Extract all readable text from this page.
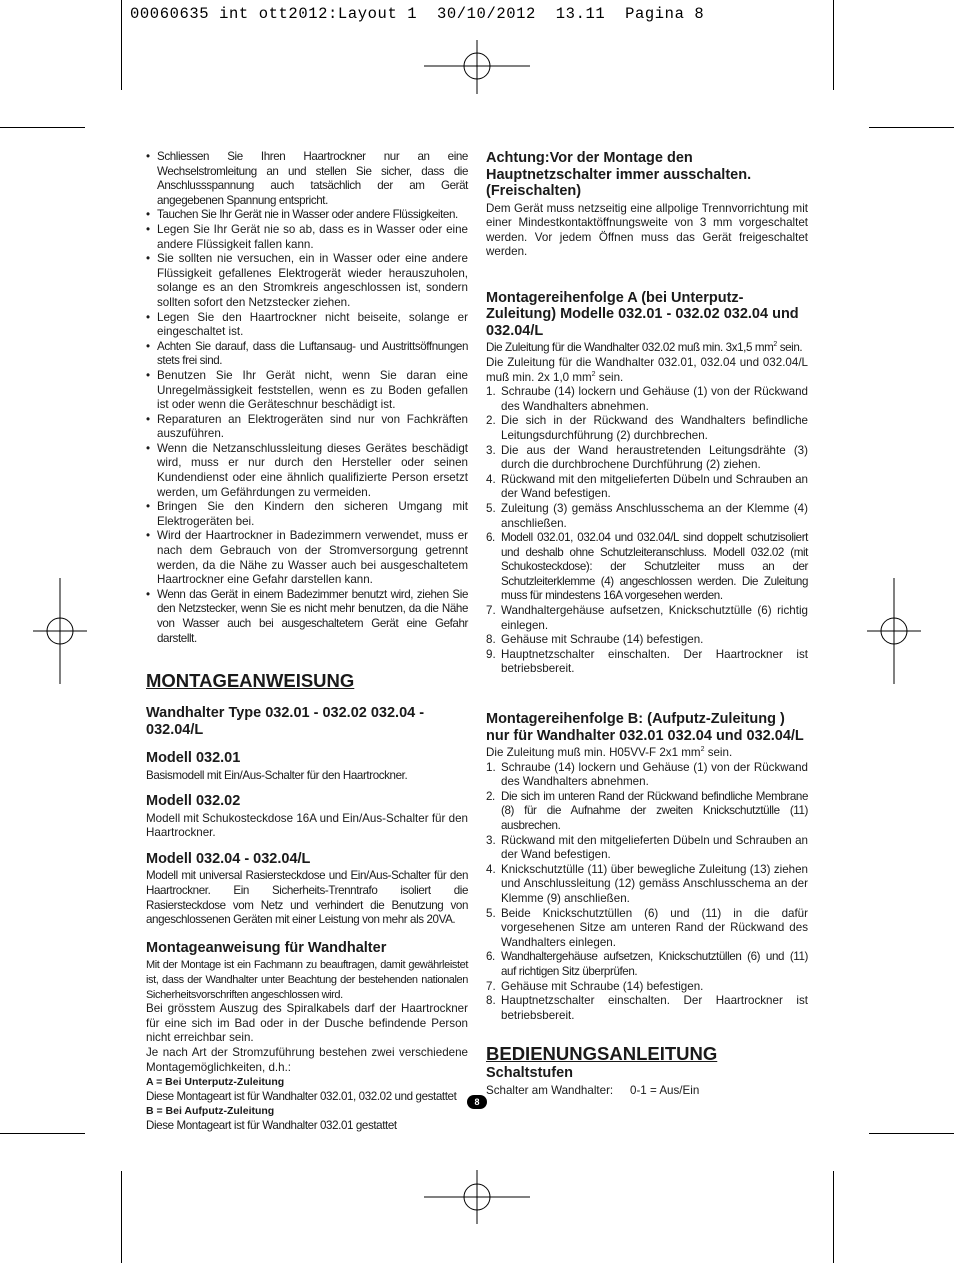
00060635 int ott2012:Layout 1  30/10/2012  13.11  Pagina 8
• Schliessen Sie Ihren Haartrockner nur an eine Wechselstromleitung an und stellen Sie sicher, dass die Anschlussspannung auch tatsächlich der am Gerät angegebenen Spannung entspricht.
• Tauchen Sie Ihr Gerät nie in Wasser oder andere Flüssigkeiten.
• Legen Sie Ihr Gerät nie so ab, dass es in Wasser oder eine andere Flüssigkeit fallen kann.
• Sie sollten nie versuchen, ein in Wasser oder eine andere Flüssigkeit gefallenes Elektrogerät wieder herauszuholen, solange es an den Stromkreis angeschlossen ist, sondern sollten sofort den Netzstecker ziehen.
• Legen Sie den Haartrockner nicht beiseite, solange er eingeschaltet ist.
• Achten Sie darauf, dass die Luftansaug- und Austrittsöffnungen stets frei sind.
• Benutzen Sie Ihr Gerät nicht, wenn Sie daran eine Unregelmässigkeit feststellen, wenn es zu Boden gefallen ist oder wenn die Geräteschnur beschädigt ist.
• Reparaturen an Elektrogeräten sind nur von Fachkräften auszuführen.
• Wenn die Netzanschlussleitung dieses Gerätes beschädigt wird, muss er nur durch den Hersteller oder seinen Kundendienst oder eine ähnlich qualifizierte Person ersetzt werden, um Gefährdungen zu vermeiden.
• Bringen Sie den Kindern den sicheren Umgang mit Elektrogeräten bei.
• Wird der Haartrockner in Badezimmern verwendet, muss er nach dem Gebrauch von der Stromversorgung getrennt werden, da die Nähe zu Wasser auch bei ausgeschaltetem Haartrockner eine Gefahr darstellen kann.
• Wenn das Gerät in einem Badezimmer benutzt wird, ziehen Sie den Netzstecker, wenn Sie es nicht mehr benutzen, da die Nähe von Wasser auch bei ausgeschaltetem Gerät eine Gefahr darstellt.
MONTAGEANWEISUNG
Wandhalter Type 032.01 - 032.02 032.04 - 032.04/L
Modell 032.01

Basismodell mit Ein/Aus-Schalter für den Haartrockner.

Modell 032.02

Modell mit Schukosteckdose 16A und Ein/Aus-Schalter für den Haartrockner.

Modell 032.04 - 032.04/L

Modell mit universal Rasiersteckdose und Ein/Aus-Schalter für den Haartrockner. Ein Sicherheits-Trenntrafo isoliert die Rasiersteckdose vom Netz und verhindert die Benutzung von angeschlossenen Geräten mit einer Leistung von mehr als 20VA.

Montageanweisung für Wandhalter

Mit der Montage ist ein Fachmann zu beauftragen, damit gewährleistet ist, dass der Wandhalter unter Beachtung der bestehenden nationalen Sicherheitsvorschriften angeschlossen wird.

Bei grösstem Auszug des Spiralkabels darf der Haartrockner für eine sich im Bad oder in der Dusche befindende Person nicht erreichbar sein.

Je nach Art der Stromzuführung bestehen zwei verschiedene Montagemöglichkeiten, d.h.:

A = Bei Unterputz-Zuleitung

Diese Montageart ist für Wandhalter 032.01, 032.02 und gestattet

B = Bei Aufputz-Zuleitung

Diese Montageart ist für Wandhalter 032.01 gestattet

Achtung:Vor der Montage den Hauptnetzschalter immer ausschalten. (Freischalten)

Dem Gerät muss netzseitig eine allpolige Trennvorrichtung mit einer Mindestkontaktöffnungsweite von 3 mm vorgeschaltet werden. Vor jedem Öffnen muss das Gerät freigeschaltet werden.

Montagereihenfolge A (bei Unterputz-Zuleitung) Modelle 032.01 - 032.02 032.04 und 032.04/L

Die Zuleitung für die Wandhalter 032.02 muß min. 3x1,5 $mm^2$ sein.

Die Zuleitung für die Wandhalter 032.01, 032.04 und 032.04/L muß min. 2x 1,0 $mm^2$ sein.

1. Schraube (14) lockern und Gehäuse (1) von der Rückwand des Wandhalters abnehmen.
2. Die sich in der Rückwand des Wandhalters befindliche Leitungsdurchführung (2) durchbrechen.
3. Die aus der Wand heraustretenden Leitungsdrähte (3) durch die durchbrochene Durchführung (2) ziehen.
4. Rückwand mit den mitgelieferten Dübeln und Schrauben an der Wand befestigen.
5. Zuleitung (3) gemäss Anschlusschema an der Klemme (4) anschließen.
6. Modell 032.01, 032.04 und 032.04/L sind doppelt schutzisoliert und deshalb ohne Schutzleiteranschluss. Modell 032.02 (mit Schukosteckdose): der Schutzleiter muss an der Schutzleiterklemme (4) angeschlossen werden. Die Zuleitung muss für mindestens 16A vorgesehen werden.
7. Wandhaltergehäuse aufsetzen, Knickschutztülle (6) richtig einlegen.
8. Gehäuse mit Schraube (14) befestigen.
9. Hauptnetzschalter einschalten. Der Haartrockner ist betriebsbereit.
Montagereihenfolge B: (Aufputz-Zuleitung ) nur für Wandhalter 032.01 032.04 und 032.04/L

Die Zuleitung muß min. H05VV-F 2x1 $mm^2$ sein.

1. Schraube (14) lockern und Gehäuse (1) von der Rückwand des Wandhalters abnehmen.
2. Die sich im unteren Rand der Rückwand befindliche Membrane (8) für die Aufnahme der zweiten Knickschutztülle (11) ausbrechen.
3. Rückwand mit den mitgelieferten Dübeln und Schrauben an der Wand befestigen.
4. Knickschutztülle (11) über bewegliche Zuleitung (13) ziehen und Anschlussleitung (12) gemäss Anschlusschema an der Klemme (9) anschließen.
5. Beide Knickschutztüllen (6) und (11) in die dafür vorgesehenen Sitze am unteren Rand der Rückwand des Wandhalters einlegen.
6. Wandhaltergehäuse aufsetzen, Knickschutztüllen (6) und (11) auf richtigen Sitz überprüfen.
7. Gehäuse mit Schraube (14) befestigen.
8. Hauptnetzschalter einschalten. Der Haartrockner ist betriebsbereit.
BEDIENUNGSANLEITUNG
Schaltstufen
Schalter am Wandhalter:	0-1 = Aus/Ein
8
